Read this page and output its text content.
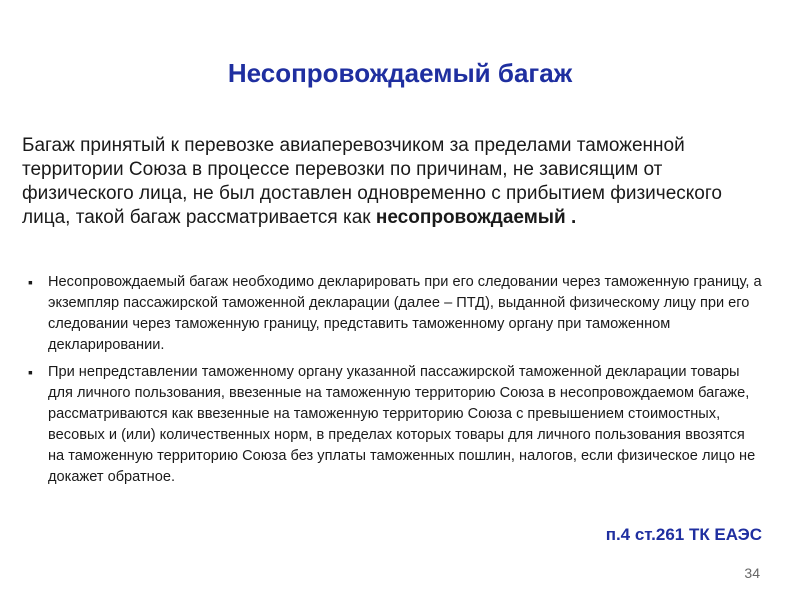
Несопровождаемый багаж
Багаж принятый к перевозке авиаперевозчиком за пределами таможенной территории Союза в процессе перевозки по причинам, не зависящим от физического лица, не был доставлен одновременно с прибытием физического лица, такой багаж рассматривается как несопровождаемый .
▪ Несопровождаемый багаж необходимо декларировать при его следовании через таможенную границу, а экземпляр пассажирской таможенной декларации (далее – ПТД), выданной физическому лицу при его следовании через таможенную границу, представить таможенному органу при таможенном декларировании.
▪ При непредставлении таможенному органу указанной пассажирской таможенной декларации товары для личного пользования, ввезенные на таможенную территорию Союза в несопровождаемом багаже, рассматриваются как ввезенные на таможенную территорию Союза с превышением стоимостных, весовых и (или) количественных норм, в пределах которых товары для личного пользования ввозятся на таможенную территорию Союза без уплаты таможенных пошлин, налогов, если физическое лицо не докажет обратное.
п.4 ст.261 ТК ЕАЭС
34
